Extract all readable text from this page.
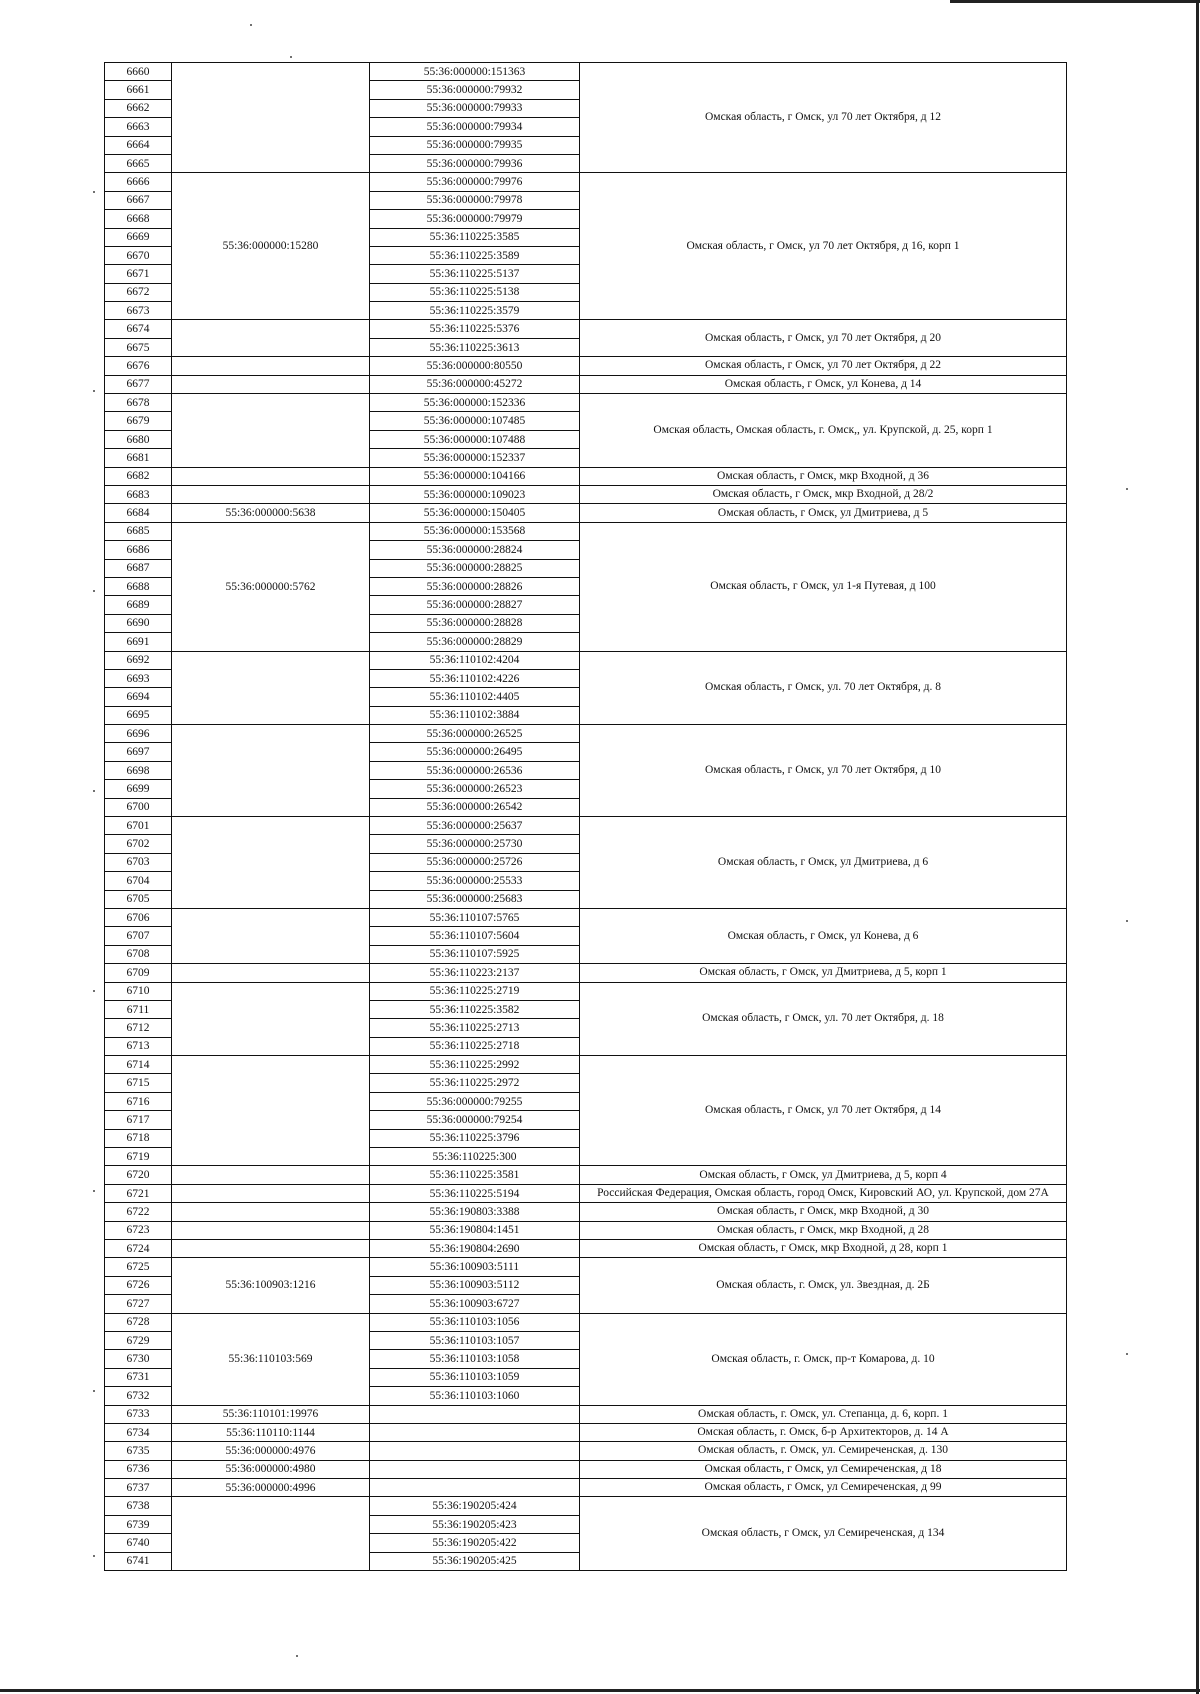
6660		55:36:000000:151363	Омская область, г Омск, ул 70 лет Октября, д 12
6661		55:36:000000:79932	
6662		55:36:000000:79933	
6663		55:36:000000:79934	
6664		55:36:000000:79935	
6665		55:36:000000:79936	
6666	55:36:000000:15280	55:36:000000:79976	Омская область, г Омск, ул 70 лет Октября, д 16, корп 1
6667		55:36:000000:79978	
6668		55:36:000000:79979	
6669		55:36:110225:3585	
6670		55:36:110225:3589	
6671		55:36:110225:5137	
6672		55:36:110225:5138	
6673		55:36:110225:3579	
6674		55:36:110225:5376	Омская область, г Омск, ул 70 лет Октября, д 20
6675		55:36:110225:3613	
6676		55:36:000000:80550	Омская область, г Омск, ул 70 лет Октября, д 22
6677		55:36:000000:45272	Омская область, г Омск, ул Конева, д 14
6678		55:36:000000:152336	Омская область, Омская область, г. Омск,, ул. Крупской, д. 25, корп 1
6679		55:36:000000:107485	
6680		55:36:000000:107488	
6681		55:36:000000:152337	
6682		55:36:000000:104166	Омская область, г Омск, мкр Входной, д 36
6683		55:36:000000:109023	Омская область, г Омск, мкр Входной, д 28/2
6684	55:36:000000:5638	55:36:000000:150405	Омская область, г Омск, ул Дмитриева, д 5
6685	55:36:000000:5762	55:36:000000:153568	Омская область, г Омск, ул 1-я Путевая, д 100
6686		55:36:000000:28824	
6687		55:36:000000:28825	
6688		55:36:000000:28826	
6689		55:36:000000:28827	
6690		55:36:000000:28828	
6691		55:36:000000:28829	
6692		55:36:110102:4204	Омская область, г Омск, ул. 70 лет Октября, д. 8
6693		55:36:110102:4226	
6694		55:36:110102:4405	
6695		55:36:110102:3884	
6696		55:36:000000:26525	Омская область, г Омск, ул 70 лет Октября, д 10
6697		55:36:000000:26495	
6698		55:36:000000:26536	
6699		55:36:000000:26523	
6700		55:36:000000:26542	
6701		55:36:000000:25637	Омская область, г Омск, ул Дмитриева, д 6
6702		55:36:000000:25730	
6703		55:36:000000:25726	
6704		55:36:000000:25533	
6705		55:36:000000:25683	
6706		55:36:110107:5765	Омская область, г Омск, ул Конева, д 6
6707		55:36:110107:5604	
6708		55:36:110107:5925	
6709		55:36:110223:2137	Омская область, г Омск, ул Дмитриева, д 5, корп 1
6710		55:36:110225:2719	Омская область, г Омск, ул. 70 лет Октября, д. 18
6711		55:36:110225:3582	
6712		55:36:110225:2713	
6713		55:36:110225:2718	
6714		55:36:110225:2992	Омская область, г Омск, ул 70 лет Октября, д 14
6715		55:36:110225:2972	
6716		55:36:000000:79255	
6717		55:36:000000:79254	
6718		55:36:110225:3796	
6719		55:36:110225:300	
6720		55:36:110225:3581	Омская область, г Омск, ул Дмитриева, д 5, корп 4
6721		55:36:110225:5194	Российская Федерация, Омская область, город Омск, Кировский АО, ул. Крупской, дом 27А
6722		55:36:190803:3388	Омская область, г Омск, мкр Входной, д 30
6723		55:36:190804:1451	Омская область, г Омск, мкр Входной, д 28
6724		55:36:190804:2690	Омская область, г Омск, мкр Входной, д 28, корп 1
6725	55:36:100903:1216	55:36:100903:5111	Омская область, г. Омск, ул. Звездная, д. 2Б
6726		55:36:100903:5112	
6727		55:36:100903:6727	
6728	55:36:110103:569	55:36:110103:1056	Омская область, г. Омск, пр-т Комарова, д. 10
6729		55:36:110103:1057	
6730		55:36:110103:1058	
6731		55:36:110103:1059	
6732		55:36:110103:1060	
6733	55:36:110101:19976		Омская область, г. Омск, ул. Степанца, д. 6, корп. 1
6734	55:36:110110:1144		Омская область, г. Омск, б-р Архитекторов, д. 14 А
6735	55:36:000000:4976		Омская область, г. Омск, ул. Семиреченская, д. 130
6736	55:36:000000:4980		Омская область, г Омск, ул Семиреченская, д 18
6737	55:36:000000:4996		Омская область, г Омск, ул Семиреченская, д 99
6738		55:36:190205:424	Омская область, г Омск, ул Семиреченская, д 134
6739		55:36:190205:423	
6740		55:36:190205:422	
6741		55:36:190205:425	
